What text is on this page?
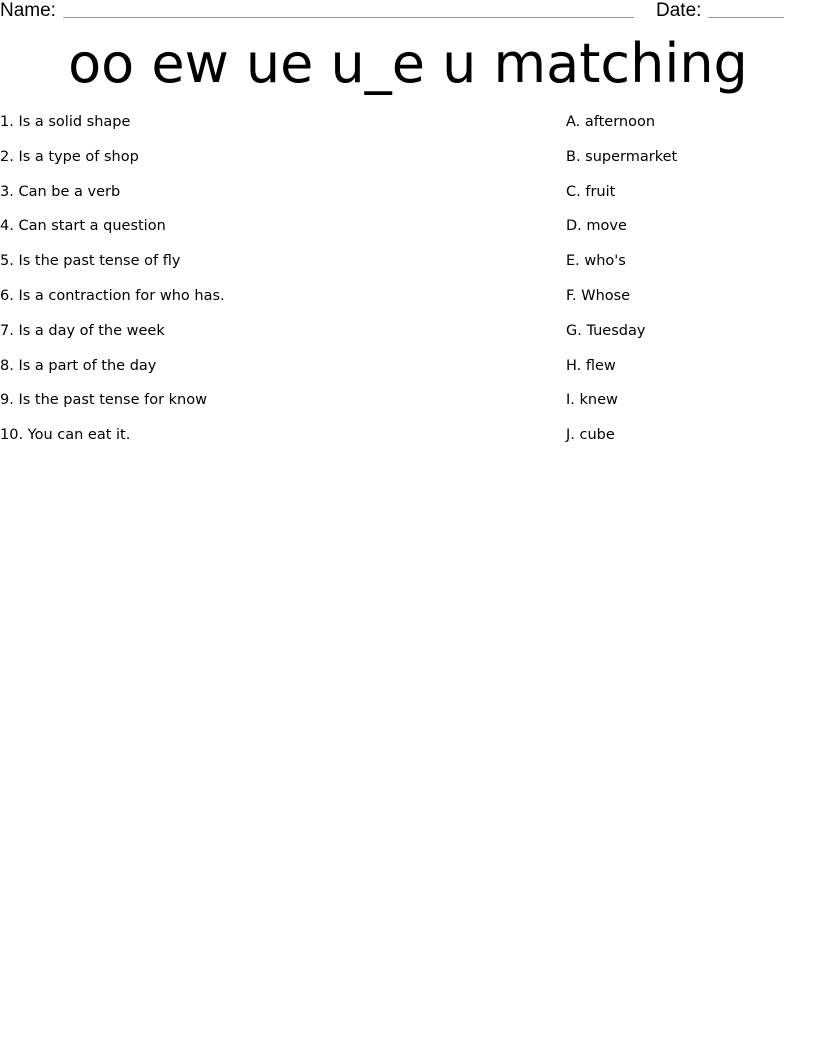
Name:	Date:
oo ew ue u_e u matching
1. Is a solid shape
2. Is a type of shop
3. Can be a verb
4. Can start a question
5. Is the past tense of fly
6. Is a contraction for who has.
7. Is a day of the week
8. Is a part of the day
9. Is the past tense for know
10. You can eat it.
A. afternoon
B. supermarket
C. fruit
D. move
E. who's
F. Whose
G. Tuesday
H. flew
I. knew
J. cube
